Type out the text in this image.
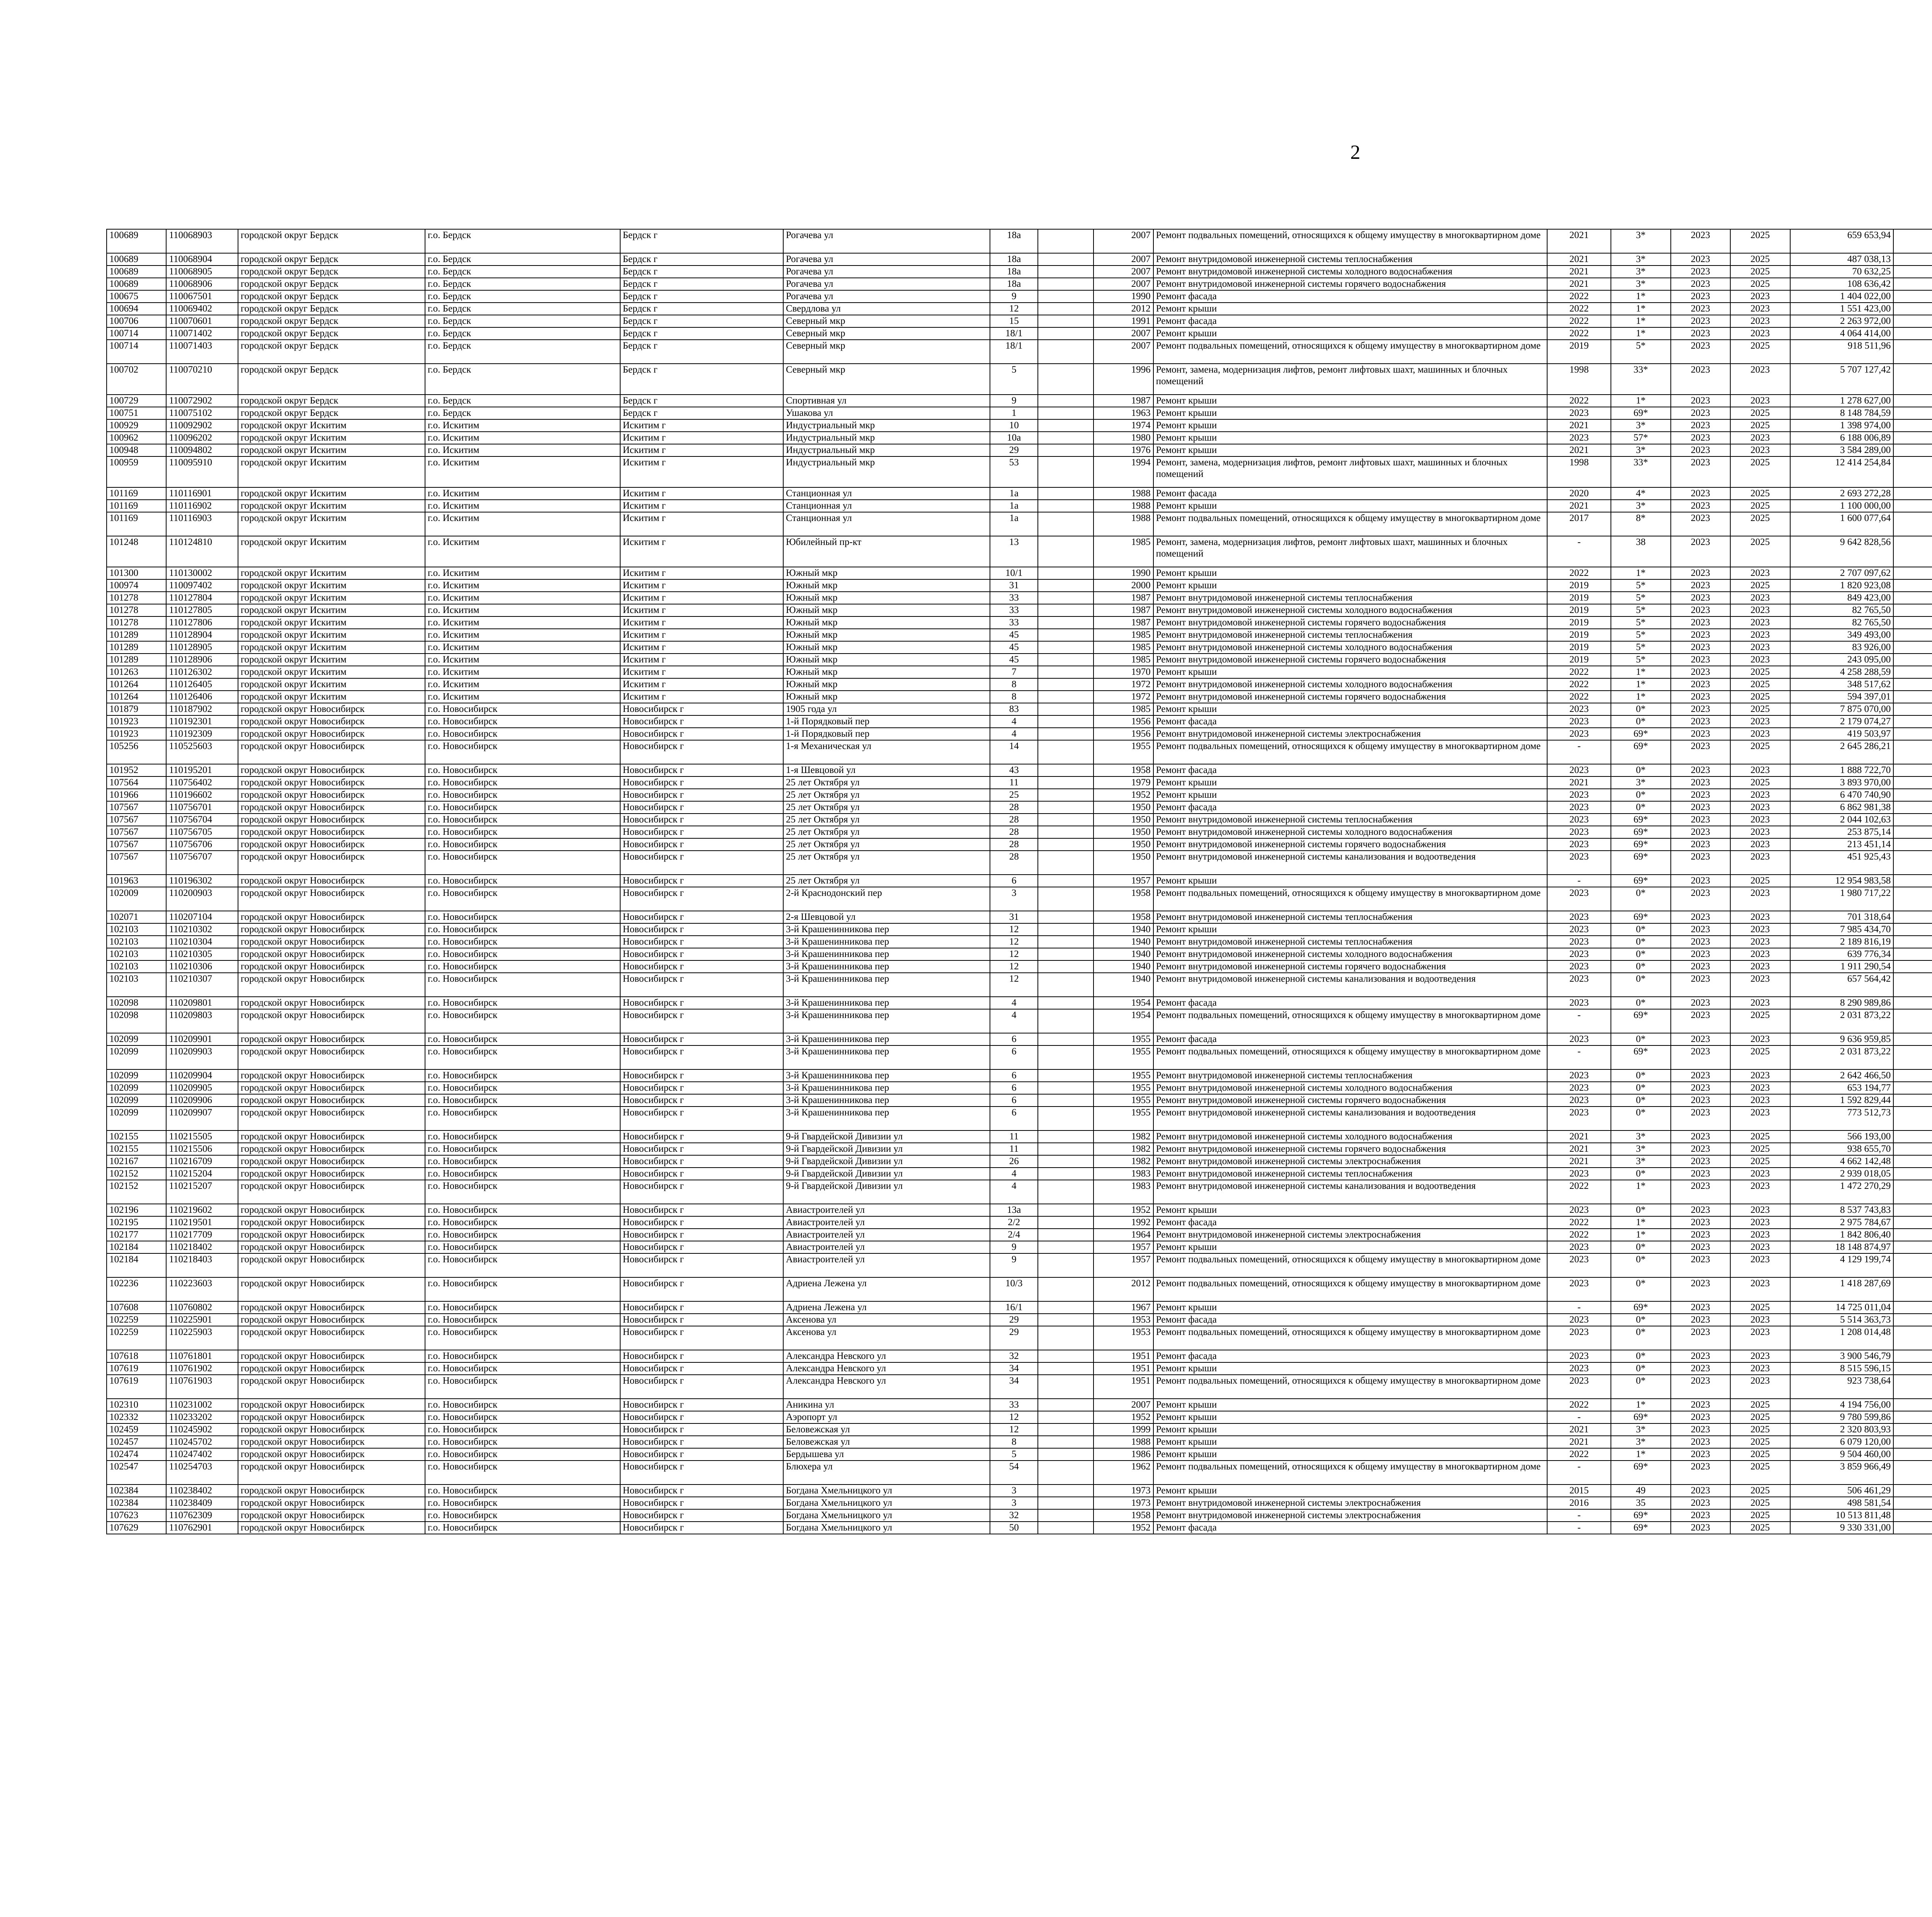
2
100689	110068903	городской округ Бердск	г.о. Бердск	Бердск г	Рогачева ул	18а		2007	Ремонт подвальных помещений, относящихся к общему имуществу в многоквартирном доме	2021	3*	2023	2025	659 653,94							
100689	110068904	городской округ Бердск	г.о. Бердск	Бердск г	Рогачева ул	18а		2007	Ремонт внутридомовой инженерной системы теплоснабжения	2021	3*	2023	2025	487 038,13							
100689	110068905	городской округ Бердск	г.о. Бердск	Бердск г	Рогачева ул	18а		2007	Ремонт внутридомовой инженерной системы холодного водоснабжения	2021	3*	2023	2025	70 632,25							
100689	110068906	городской округ Бердск	г.о. Бердск	Бердск г	Рогачева ул	18а		2007	Ремонт внутридомовой инженерной системы горячего водоснабжения	2021	3*	2023	2025	108 636,42							
100675	110067501	городской округ Бердск	г.о. Бердск	Бердск г	Рогачева ул	9		1990	Ремонт фасада	2022	1*	2023	2023	1 404 022,00							
100694	110069402	городской округ Бердск	г.о. Бердск	Бердск г	Свердлова ул	12		2012	Ремонт крыши	2022	1*	2023	2023	1 551 423,00							
100706	110070601	городской округ Бердск	г.о. Бердск	Бердск г	Северный мкр	15		1991	Ремонт фасада	2022	1*	2023	2023	2 263 972,00							
100714	110071402	городской округ Бердск	г.о. Бердск	Бердск г	Северный мкр	18/1		2007	Ремонт крыши	2022	1*	2023	2023	4 064 414,00							
100714	110071403	городской округ Бердск	г.о. Бердск	Бердск г	Северный мкр	18/1		2007	Ремонт подвальных помещений, относящихся к общему имуществу в многоквартирном доме	2019	5*	2023	2025	918 511,96							
100702	110070210	городской округ Бердск	г.о. Бердск	Бердск г	Северный мкр	5		1996	Ремонт, замена, модернизация лифтов, ремонт лифтовых шахт, машинных и блочных помещений	1998	33*	2023	2023	5 707 127,42							
100729	110072902	городской округ Бердск	г.о. Бердск	Бердск г	Спортивная ул	9		1987	Ремонт крыши	2022	1*	2023	2023	1 278 627,00							
100751	110075102	городской округ Бердск	г.о. Бердск	Бердск г	Ушакова ул	1		1963	Ремонт крыши	2023	69*	2023	2025	8 148 784,59							
100929	110092902	городской округ Искитим	г.о. Искитим	Искитим г	Индустриальный мкр	10		1974	Ремонт крыши	2021	3*	2023	2025	1 398 974,00							
100962	110096202	городской округ Искитим	г.о. Искитим	Искитим г	Индустриальный мкр	10а		1980	Ремонт крыши	2023	57*	2023	2023	6 188 006,89							
100948	110094802	городской округ Искитим	г.о. Искитим	Искитим г	Индустриальный мкр	29		1976	Ремонт крыши	2021	3*	2023	2023	3 584 289,00							
100959	110095910	городской округ Искитим	г.о. Искитим	Искитим г	Индустриальный мкр	53		1994	Ремонт, замена, модернизация лифтов, ремонт лифтовых шахт, машинных и блочных помещений	1998	33*	2023	2025	12 414 254,84							
101169	110116901	городской округ Искитим	г.о. Искитим	Искитим г	Станционная ул	1а		1988	Ремонт фасада	2020	4*	2023	2025	2 693 272,28							
101169	110116902	городской округ Искитим	г.о. Искитим	Искитим г	Станционная ул	1а		1988	Ремонт крыши	2021	3*	2023	2025	1 100 000,00							
101169	110116903	городской округ Искитим	г.о. Искитим	Искитим г	Станционная ул	1а		1988	Ремонт подвальных помещений, относящихся к общему имуществу в многоквартирном доме	2017	8*	2023	2025	1 600 077,64							
101248	110124810	городской округ Искитим	г.о. Искитим	Искитим г	Юбилейный пр-кт	13		1985	Ремонт, замена, модернизация лифтов, ремонт лифтовых шахт, машинных и блочных помещений	-	38	2023	2025	9 642 828,56							
101300	110130002	городской округ Искитим	г.о. Искитим	Искитим г	Южный мкр	10/1		1990	Ремонт крыши	2022	1*	2023	2023	2 707 097,62							
100974	110097402	городской округ Искитим	г.о. Искитим	Искитим г	Южный мкр	31		2000	Ремонт крыши	2019	5*	2023	2025	1 820 923,08							
101278	110127804	городской округ Искитим	г.о. Искитим	Искитим г	Южный мкр	33		1987	Ремонт внутридомовой инженерной системы теплоснабжения	2019	5*	2023	2023	849 423,00							
101278	110127805	городской округ Искитим	г.о. Искитим	Искитим г	Южный мкр	33		1987	Ремонт внутридомовой инженерной системы холодного водоснабжения	2019	5*	2023	2023	82 765,50							
101278	110127806	городской округ Искитим	г.о. Искитим	Искитим г	Южный мкр	33		1987	Ремонт внутридомовой инженерной системы горячего водоснабжения	2019	5*	2023	2023	82 765,50							
101289	110128904	городской округ Искитим	г.о. Искитим	Искитим г	Южный мкр	45		1985	Ремонт внутридомовой инженерной системы теплоснабжения	2019	5*	2023	2023	349 493,00							
101289	110128905	городской округ Искитим	г.о. Искитим	Искитим г	Южный мкр	45		1985	Ремонт внутридомовой инженерной системы холодного водоснабжения	2019	5*	2023	2023	83 926,00							
101289	110128906	городской округ Искитим	г.о. Искитим	Искитим г	Южный мкр	45		1985	Ремонт внутридомовой инженерной системы горячего водоснабжения	2019	5*	2023	2023	243 095,00							
101263	110126302	городской округ Искитим	г.о. Искитим	Искитим г	Южный мкр	7		1970	Ремонт крыши	2022	1*	2023	2025	4 258 288,59							
101264	110126405	городской округ Искитим	г.о. Искитим	Искитим г	Южный мкр	8		1972	Ремонт внутридомовой инженерной системы холодного водоснабжения	2022	1*	2023	2025	348 517,62							
101264	110126406	городской округ Искитим	г.о. Искитим	Искитим г	Южный мкр	8		1972	Ремонт внутридомовой инженерной системы горячего водоснабжения	2022	1*	2023	2025	594 397,01							
101879	110187902	городской округ Новосибирск	г.о. Новосибирск	Новосибирск г	1905 года ул	83		1985	Ремонт крыши	2023	0*	2023	2025	7 875 070,00							
101923	110192301	городской округ Новосибирск	г.о. Новосибирск	Новосибирск г	1-й Порядковый пер	4		1956	Ремонт фасада	2023	0*	2023	2023	2 179 074,27							
101923	110192309	городской округ Новосибирск	г.о. Новосибирск	Новосибирск г	1-й Порядковый пер	4		1956	Ремонт внутридомовой инженерной системы электроснабжения	2023	69*	2023	2023	419 503,97							
105256	110525603	городской округ Новосибирск	г.о. Новосибирск	Новосибирск г	1-я Механическая ул	14		1955	Ремонт подвальных помещений, относящихся к общему имуществу в многоквартирном доме	-	69*	2023	2025	2 645 286,21							
101952	110195201	городской округ Новосибирск	г.о. Новосибирск	Новосибирск г	1-я Шевцовой ул	43		1958	Ремонт фасада	2023	0*	2023	2023	1 888 722,70							
107564	110756402	городской округ Новосибирск	г.о. Новосибирск	Новосибирск г	25 лет Октября ул	11		1979	Ремонт крыши	2021	3*	2023	2025	3 893 970,00							
101966	110196602	городской округ Новосибирск	г.о. Новосибирск	Новосибирск г	25 лет Октября ул	25		1952	Ремонт крыши	2023	0*	2023	2023	6 470 740,90							
107567	110756701	городской округ Новосибирск	г.о. Новосибирск	Новосибирск г	25 лет Октября ул	28		1950	Ремонт фасада	2023	0*	2023	2023	6 862 981,38							
107567	110756704	городской округ Новосибирск	г.о. Новосибирск	Новосибирск г	25 лет Октября ул	28		1950	Ремонт внутридомовой инженерной системы теплоснабжения	2023	69*	2023	2023	2 044 102,63							
107567	110756705	городской округ Новосибирск	г.о. Новосибирск	Новосибирск г	25 лет Октября ул	28		1950	Ремонт внутридомовой инженерной системы холодного водоснабжения	2023	69*	2023	2023	253 875,14							
107567	110756706	городской округ Новосибирск	г.о. Новосибирск	Новосибирск г	25 лет Октября ул	28		1950	Ремонт внутридомовой инженерной системы горячего водоснабжения	2023	69*	2023	2023	213 451,14							
107567	110756707	городской округ Новосибирск	г.о. Новосибирск	Новосибирск г	25 лет Октября ул	28		1950	Ремонт внутридомовой инженерной системы канализования и водоотведения	2023	69*	2023	2023	451 925,43							
101963	110196302	городской округ Новосибирск	г.о. Новосибирск	Новосибирск г	25 лет Октября ул	6		1957	Ремонт крыши	-	69*	2023	2025	12 954 983,58							
102009	110200903	городской округ Новосибирск	г.о. Новосибирск	Новосибирск г	2-й Краснодонский пер	3		1958	Ремонт подвальных помещений, относящихся к общему имуществу в многоквартирном доме	2023	0*	2023	2023	1 980 717,22							
102071	110207104	городской округ Новосибирск	г.о. Новосибирск	Новосибирск г	2-я Шевцовой ул	31		1958	Ремонт внутридомовой инженерной системы теплоснабжения	2023	69*	2023	2023	701 318,64							
102103	110210302	городской округ Новосибирск	г.о. Новосибирск	Новосибирск г	3-й Крашенинникова пер	12		1940	Ремонт крыши	2023	0*	2023	2023	7 985 434,70							
102103	110210304	городской округ Новосибирск	г.о. Новосибирск	Новосибирск г	3-й Крашенинникова пер	12		1940	Ремонт внутридомовой инженерной системы теплоснабжения	2023	0*	2023	2023	2 189 816,19							
102103	110210305	городской округ Новосибирск	г.о. Новосибирск	Новосибирск г	3-й Крашенинникова пер	12		1940	Ремонт внутридомовой инженерной системы холодного водоснабжения	2023	0*	2023	2023	639 776,34							
102103	110210306	городской округ Новосибирск	г.о. Новосибирск	Новосибирск г	3-й Крашенинникова пер	12		1940	Ремонт внутридомовой инженерной системы горячего водоснабжения	2023	0*	2023	2023	1 911 290,54							
102103	110210307	городской округ Новосибирск	г.о. Новосибирск	Новосибирск г	3-й Крашенинникова пер	12		1940	Ремонт внутридомовой инженерной системы канализования и водоотведения	2023	0*	2023	2023	657 564,42							
102098	110209801	городской округ Новосибирск	г.о. Новосибирск	Новосибирск г	3-й Крашенинникова пер	4		1954	Ремонт фасада	2023	0*	2023	2023	8 290 989,86							
102098	110209803	городской округ Новосибирск	г.о. Новосибирск	Новосибирск г	3-й Крашенинникова пер	4		1954	Ремонт подвальных помещений, относящихся к общему имуществу в многоквартирном доме	-	69*	2023	2025	2 031 873,22							
102099	110209901	городской округ Новосибирск	г.о. Новосибирск	Новосибирск г	3-й Крашенинникова пер	6		1955	Ремонт фасада	2023	0*	2023	2023	9 636 959,85							
102099	110209903	городской округ Новосибирск	г.о. Новосибирск	Новосибирск г	3-й Крашенинникова пер	6		1955	Ремонт подвальных помещений, относящихся к общему имуществу в многоквартирном доме	-	69*	2023	2025	2 031 873,22							
102099	110209904	городской округ Новосибирск	г.о. Новосибирск	Новосибирск г	3-й Крашенинникова пер	6		1955	Ремонт внутридомовой инженерной системы теплоснабжения	2023	0*	2023	2023	2 642 466,50							
102099	110209905	городской округ Новосибирск	г.о. Новосибирск	Новосибирск г	3-й Крашенинникова пер	6		1955	Ремонт внутридомовой инженерной системы холодного водоснабжения	2023	0*	2023	2023	653 194,77							
102099	110209906	городской округ Новосибирск	г.о. Новосибирск	Новосибирск г	3-й Крашенинникова пер	6		1955	Ремонт внутридомовой инженерной системы горячего водоснабжения	2023	0*	2023	2023	1 592 829,44							
102099	110209907	городской округ Новосибирск	г.о. Новосибирск	Новосибирск г	3-й Крашенинникова пер	6		1955	Ремонт внутридомовой инженерной системы канализования и водоотведения	2023	0*	2023	2023	773 512,73							
102155	110215505	городской округ Новосибирск	г.о. Новосибирск	Новосибирск г	9-й Гвардейской Дивизии ул	11		1982	Ремонт внутридомовой инженерной системы холодного водоснабжения	2021	3*	2023	2025	566 193,00							
102155	110215506	городской округ Новосибирск	г.о. Новосибирск	Новосибирск г	9-й Гвардейской Дивизии ул	11		1982	Ремонт внутридомовой инженерной системы горячего водоснабжения	2021	3*	2023	2025	938 655,70							
102167	110216709	городской округ Новосибирск	г.о. Новосибирск	Новосибирск г	9-й Гвардейской Дивизии ул	26		1982	Ремонт внутридомовой инженерной системы электроснабжения	2021	3*	2023	2025	4 662 142,48							
102152	110215204	городской округ Новосибирск	г.о. Новосибирск	Новосибирск г	9-й Гвардейской Дивизии ул	4		1983	Ремонт внутридомовой инженерной системы теплоснабжения	2023	0*	2023	2023	2 939 018,05							
102152	110215207	городской округ Новосибирск	г.о. Новосибирск	Новосибирск г	9-й Гвардейской Дивизии ул	4		1983	Ремонт внутридомовой инженерной системы канализования и водоотведения	2022	1*	2023	2023	1 472 270,29							
102196	110219602	городской округ Новосибирск	г.о. Новосибирск	Новосибирск г	Авиастроителей ул	13а		1952	Ремонт крыши	2023	0*	2023	2023	8 537 743,83							
102195	110219501	городской округ Новосибирск	г.о. Новосибирск	Новосибирск г	Авиастроителей ул	2/2		1992	Ремонт фасада	2022	1*	2023	2023	2 975 784,67							
102177	110217709	городской округ Новосибирск	г.о. Новосибирск	Новосибирск г	Авиастроителей ул	2/4		1964	Ремонт внутридомовой инженерной системы электроснабжения	2022	1*	2023	2023	1 842 806,40							
102184	110218402	городской округ Новосибирск	г.о. Новосибирск	Новосибирск г	Авиастроителей ул	9		1957	Ремонт крыши	2023	0*	2023	2023	18 148 874,97							
102184	110218403	городской округ Новосибирск	г.о. Новосибирск	Новосибирск г	Авиастроителей ул	9		1957	Ремонт подвальных помещений, относящихся к общему имуществу в многоквартирном доме	2023	0*	2023	2023	4 129 199,74							
102236	110223603	городской округ Новосибирск	г.о. Новосибирск	Новосибирск г	Адриена Лежена ул	10/3		2012	Ремонт подвальных помещений, относящихся к общему имуществу в многоквартирном доме	2023	0*	2023	2023	1 418 287,69							
107608	110760802	городской округ Новосибирск	г.о. Новосибирск	Новосибирск г	Адриена Лежена ул	16/1		1967	Ремонт крыши	-	69*	2023	2025	14 725 011,04							
102259	110225901	городской округ Новосибирск	г.о. Новосибирск	Новосибирск г	Аксенова ул	29		1953	Ремонт фасада	2023	0*	2023	2023	5 514 363,73							
102259	110225903	городской округ Новосибирск	г.о. Новосибирск	Новосибирск г	Аксенова ул	29		1953	Ремонт подвальных помещений, относящихся к общему имуществу в многоквартирном доме	2023	0*	2023	2023	1 208 014,48							
107618	110761801	городской округ Новосибирск	г.о. Новосибирск	Новосибирск г	Александра Невского ул	32		1951	Ремонт фасада	2023	0*	2023	2023	3 900 546,79							
107619	110761902	городской округ Новосибирск	г.о. Новосибирск	Новосибирск г	Александра Невского ул	34		1951	Ремонт крыши	2023	0*	2023	2023	8 515 596,15							
107619	110761903	городской округ Новосибирск	г.о. Новосибирск	Новосибирск г	Александра Невского ул	34		1951	Ремонт подвальных помещений, относящихся к общему имуществу в многоквартирном доме	2023	0*	2023	2023	923 738,64							
102310	110231002	городской округ Новосибирск	г.о. Новосибирск	Новосибирск г	Аникина ул	33		2007	Ремонт крыши	2022	1*	2023	2025	4 194 756,00							
102332	110233202	городской округ Новосибирск	г.о. Новосибирск	Новосибирск г	Аэропорт ул	12		1952	Ремонт крыши	-	69*	2023	2025	9 780 599,86							
102459	110245902	городской округ Новосибирск	г.о. Новосибирск	Новосибирск г	Беловежская ул	12		1999	Ремонт крыши	2021	3*	2023	2025	2 320 803,93							
102457	110245702	городской округ Новосибирск	г.о. Новосибирск	Новосибирск г	Беловежская ул	8		1988	Ремонт крыши	2021	3*	2023	2025	6 079 120,00							
102474	110247402	городской округ Новосибирск	г.о. Новосибирск	Новосибирск г	Бердышева ул	5		1986	Ремонт крыши	2022	1*	2023	2025	9 504 460,00							
102547	110254703	городской округ Новосибирск	г.о. Новосибирск	Новосибирск г	Блюхера ул	54		1962	Ремонт подвальных помещений, относящихся к общему имуществу в многоквартирном доме	-	69*	2023	2025	3 859 966,49							
102384	110238402	городской округ Новосибирск	г.о. Новосибирск	Новосибирск г	Богдана Хмельницкого ул	3		1973	Ремонт крыши	2015	49	2023	2025	506 461,29							
102384	110238409	городской округ Новосибирск	г.о. Новосибирск	Новосибирск г	Богдана Хмельницкого ул	3		1973	Ремонт внутридомовой инженерной системы электроснабжения	2016	35	2023	2025	498 581,54							
107623	110762309	городской округ Новосибирск	г.о. Новосибирск	Новосибирск г	Богдана Хмельницкого ул	32		1958	Ремонт внутридомовой инженерной системы электроснабжения	-	69*	2023	2025	10 513 811,48							
107629	110762901	городской округ Новосибирск	г.о. Новосибирск	Новосибирск г	Богдана Хмельницкого ул	50		1952	Ремонт фасада	-	69*	2023	2025	9 330 331,00							
